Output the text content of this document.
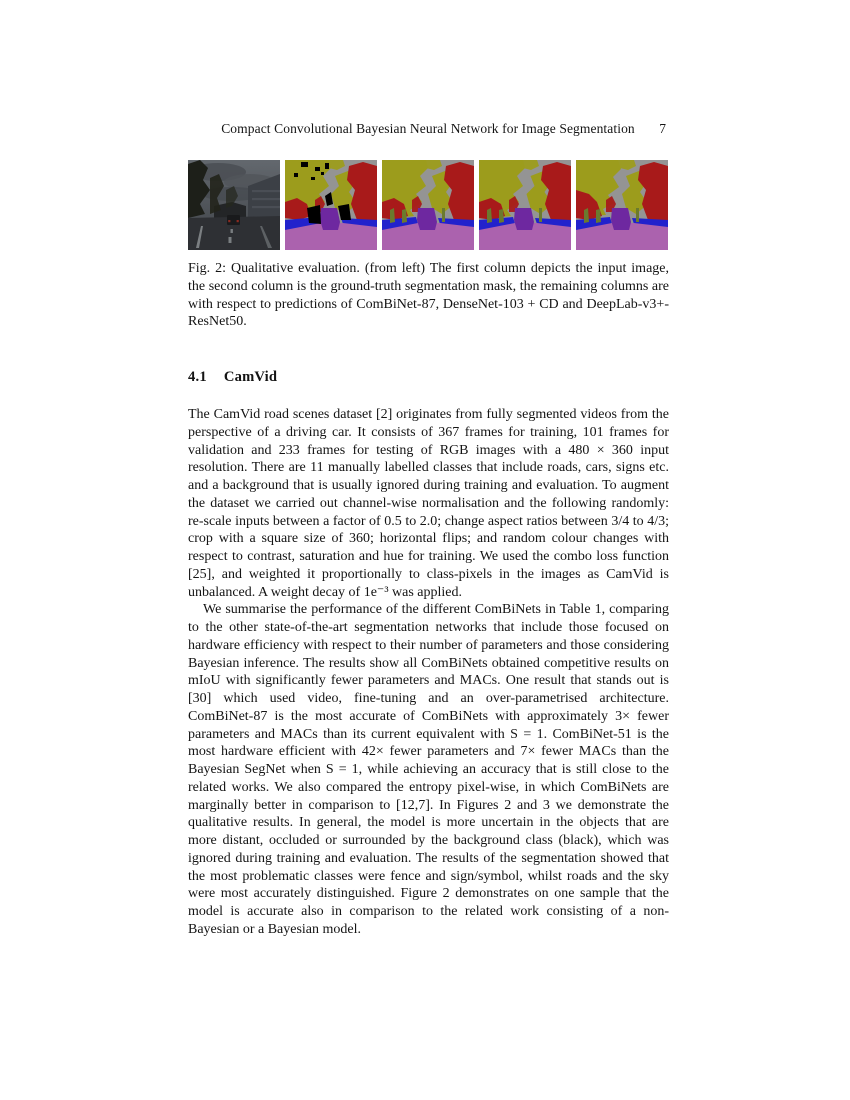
Compact Convolutional Bayesian Neural Network for Image Segmentation 7
Fig. 2: Qualitative evaluation. (from left) The first column depicts the input image, the second column is the ground-truth segmentation mask, the remaining columns are with respect to predictions of ComBiNet-87, DenseNet-103 + CD and DeepLab-v3+-ResNet50.
4.1 CamVid

The CamVid road scenes dataset [2] originates from fully segmented videos from the perspective of a driving car. It consists of 367 frames for training, 101 frames for validation and 233 frames for testing of RGB images with a 480 × 360 input resolution. There are 11 manually labelled classes that include roads, cars, signs etc. and a background that is usually ignored during training and evaluation. To augment the dataset we carried out channel-wise normalisation and the following randomly: re-scale inputs between a factor of 0.5 to 2.0; change aspect ratios between 3/4 to 4/3; crop with a square size of 360; horizontal flips; and random colour changes with respect to contrast, saturation and hue for training. We used the combo loss function [25], and weighted it proportionally to class-pixels in the images as CamVid is unbalanced. A weight decay of 1e⁻³ was applied.

We summarise the performance of the different ComBiNets in Table 1, comparing to the other state-of-the-art segmentation networks that include those focused on hardware efficiency with respect to their number of parameters and those considering Bayesian inference. The results show all ComBiNets obtained competitive results on mIoU with significantly fewer parameters and MACs. One result that stands out is [30] which used video, fine-tuning and an over-parametrised architecture. ComBiNet-87 is the most accurate of ComBiNets with approximately 3× fewer parameters and MACs than its current equivalent with S = 1. ComBiNet-51 is the most hardware efficient with 42× fewer parameters and 7× fewer MACs than the Bayesian SegNet when S = 1, while achieving an accuracy that is still close to the related works. We also compared the entropy pixel-wise, in which ComBiNets are marginally better in comparison to [12,7]. In Figures 2 and 3 we demonstrate the qualitative results. In general, the model is more uncertain in the objects that are more distant, occluded or surrounded by the background class (black), which was ignored during training and evaluation. The results of the segmentation showed that the most problematic classes were fence and sign/symbol, whilst roads and the sky were most accurately distinguished. Figure 2 demonstrates on one sample that the model is accurate also in comparison to the related work consisting of a non-Bayesian or a Bayesian model.
